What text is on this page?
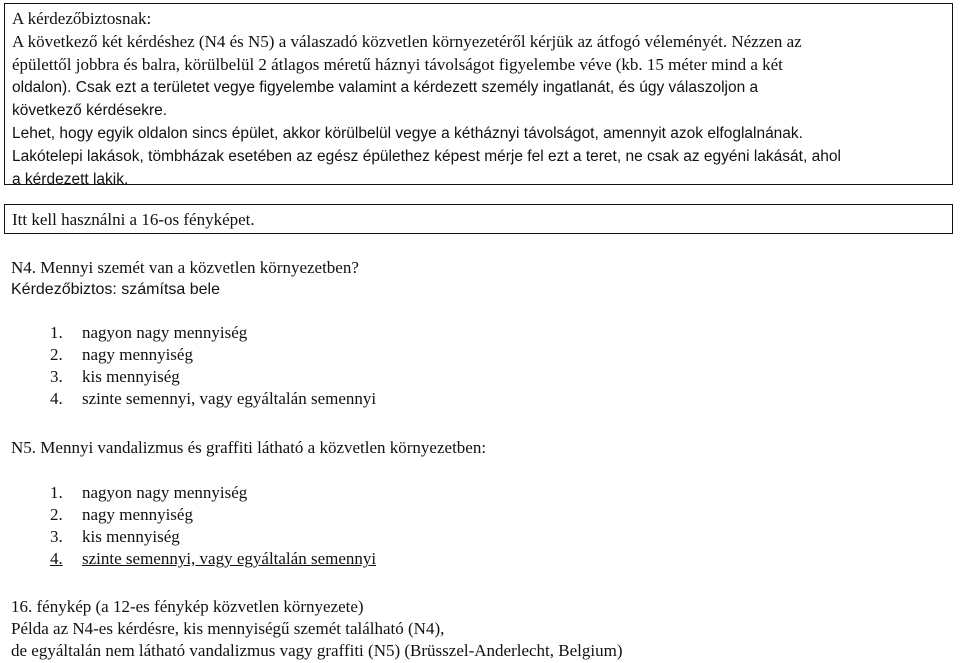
A kérdezőbiztosnak:
A következő két kérdéshez (N4 és N5) a válaszadó közvetlen környezetéről kérjük az átfogó véleményét. Nézzen az
épülettől jobbra és balra, körülbelül 2 átlagos méretű háznyi távolságot figyelembe véve (kb. 15 méter mind a két
oldalon). Csak ezt a területet vegye figyelembe valamint a kérdezett személy ingatlanát, és úgy válaszoljon a
következő kérdésekre.
Lehet, hogy egyik oldalon sincs épület, akkor körülbelül vegye a kétháznyi távolságot, amennyit azok elfoglalnának.
Lakótelepi lakások, tömbházak esetében az egész épülethez képest mérje fel ezt a teret, ne csak az egyéni lakását, ahol
a kérdezett lakik.
Itt kell használni a 16-os fényképet.
N4. Mennyi szemét van a közvetlen környezetben?
Kérdezőbiztos: számítsa bele
1. nagyon nagy mennyiség
2. nagy mennyiség
3. kis mennyiség
4. szinte semennyi, vagy egyáltalán semennyi
N5. Mennyi vandalizmus és graffiti látható a közvetlen környezetben:
1. nagyon nagy mennyiség
2. nagy mennyiség
3. kis mennyiség
4. szinte semennyi, vagy egyáltalán semennyi
16. fénykép (a 12-es fénykép közvetlen környezete)
Példa az N4-es kérdésre, kis mennyiségű szemét található (N4),
de egyáltalán nem látható vandalizmus vagy graffiti (N5) (Brüsszel-Anderlecht, Belgium)
